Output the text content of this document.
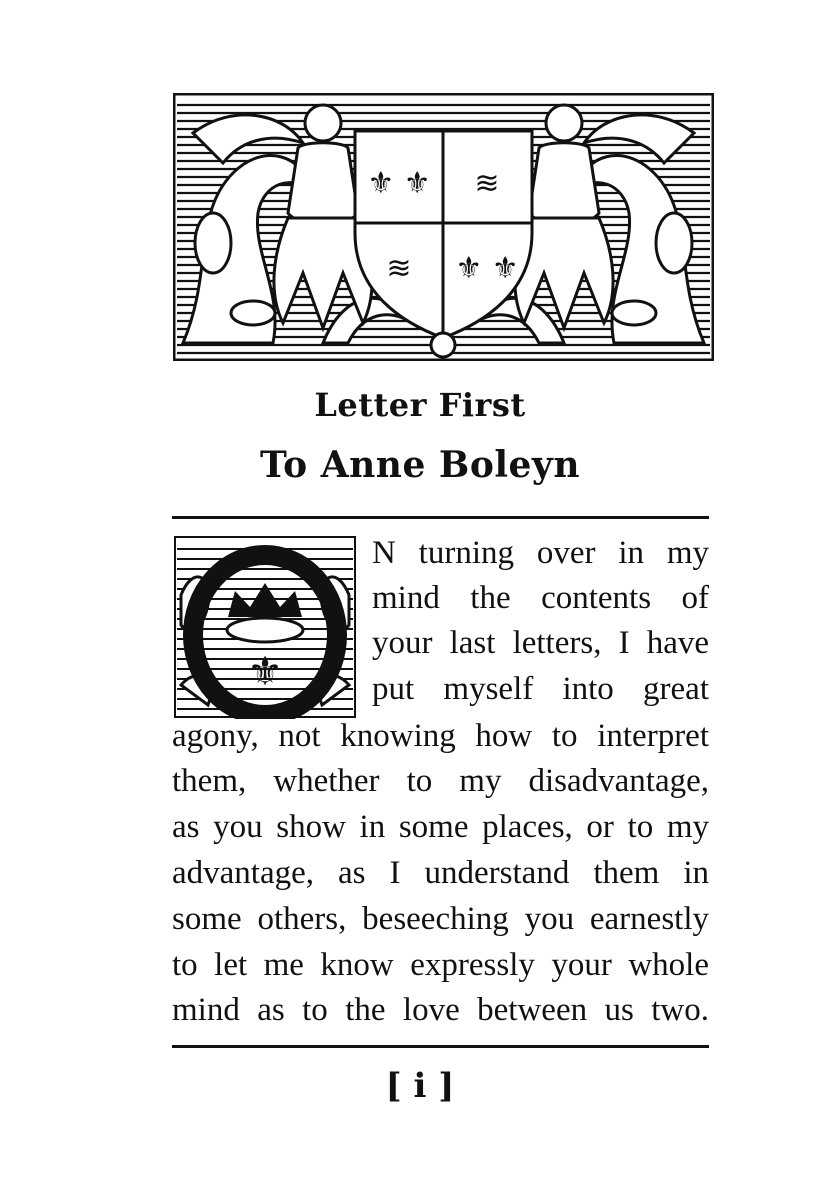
⚜ ⚜ ≋
≋ ⚜ ⚜
Letter First
To Anne Boleyn
⚜
N turning over in my
mind the contents of
your last letters, I have
put myself into great
agony, not knowing how to interpret
them, whether to my disadvantage,
as you show in some places, or to my
advantage, as I understand them in
some others, beseeching you earnestly
to let me know expressly your whole
mind as to the love between us two.
[ i ]
